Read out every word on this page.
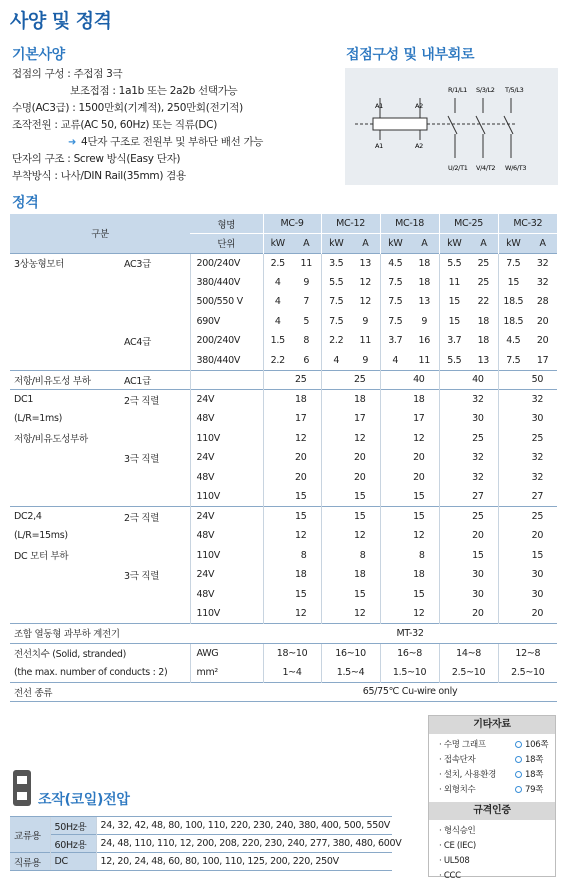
사양 및 정격
기본사양
접점의 구성 : 주접점 3극
보조접점 : 1a1b 또는 2a2b 선택가능
수명(AC3급) : 1500만회(기계적), 250만회(전기적)
조작전원 : 교류(AC 50, 60Hz) 또는 직류(DC)
➜ 4단자 구조로 전원부 및 부하단 배선 가능
단자의 구조 : Screw 방식(Easy 단자)
부착방식 : 나사/DIN Rail(35mm) 겸용
접점구성 및 내부회로
R/1/L1 S/3/L2 T/5/L3
U/2/T1 V/4/T2 W/6/T3
A1	A2
A1	A2
정격
구분		형명	MC-9		MC-12		MC-18		MC-25		MC-32	
		단위	kW	A	kW	A	kW	A	kW	A	kW	A
3상농형모터	AC3급	200/240V	2.5	11	3.5	13	4.5	18	5.5	25	7.5	32
		380/440V	4	9	5.5	12	7.5	18	11	25	15	32
		500/550 V	4	7	7.5	12	7.5	13	15	22	18.5	28
		690V	4	5	7.5	9	7.5	9	15	18	18.5	20
	AC4급	200/240V	1.5	8	2.2	11	3.7	16	3.7	18	4.5	20
		380/440V	2.2	6	4	9	4	11	5.5	13	7.5	17
저항/비유도성 부하	AC1급		25		25		40		40		50	
DC1	2극 직렬	24V	18		18		18		32		32	
(L/R=1ms)		48V	17		17		17		30		30	
저항/비유도성부하		110V	12		12		12		25		25	
	3극 직렬	24V	20		20		20		32		32	
		48V	20		20		20		32		32	
		110V	15		15		15		27		27	
DC2,4	2극 직렬	24V	15		15		15		25		25	
(L/R=15ms)		48V	12		12		12		20		20	
DC 모터 부하		110V	8		8		8		15		15	
	3극 직렬	24V	18		18		18		30		30	
		48V	15		15		15		30		30	
		110V	12		12		12		20		20	
조합 열동형 과부하 계전기			MT-32									
전선치수 (Solid, stranded)		AWG	18~10		16~10		16~8		14~8		12~8	
(the max. number of conducts : 2)		mm²	1~4		1.5~4		1.5~10		2.5~10		2.5~10	
전선 종류			65/75℃ Cu-wire only									
기타자료
· 수명 그래프	106쪽
· 접속단자	18쪽
· 설치, 사용환경	18쪽
· 외형치수	79쪽
규격인증
· 형식승인
· CE (IEC)
· UL508
· CCC
조작(코일)전압
교류용	50Hz용	24, 32, 42, 48, 80, 100, 110, 220, 230, 240, 380, 400, 500, 550V
	60Hz용	24, 48, 110, 110, 12, 200, 208, 220, 230, 240, 277, 380, 480, 600V
직류용	DC	12, 20, 24, 48, 60, 80, 100, 110, 125, 200, 220, 250V
